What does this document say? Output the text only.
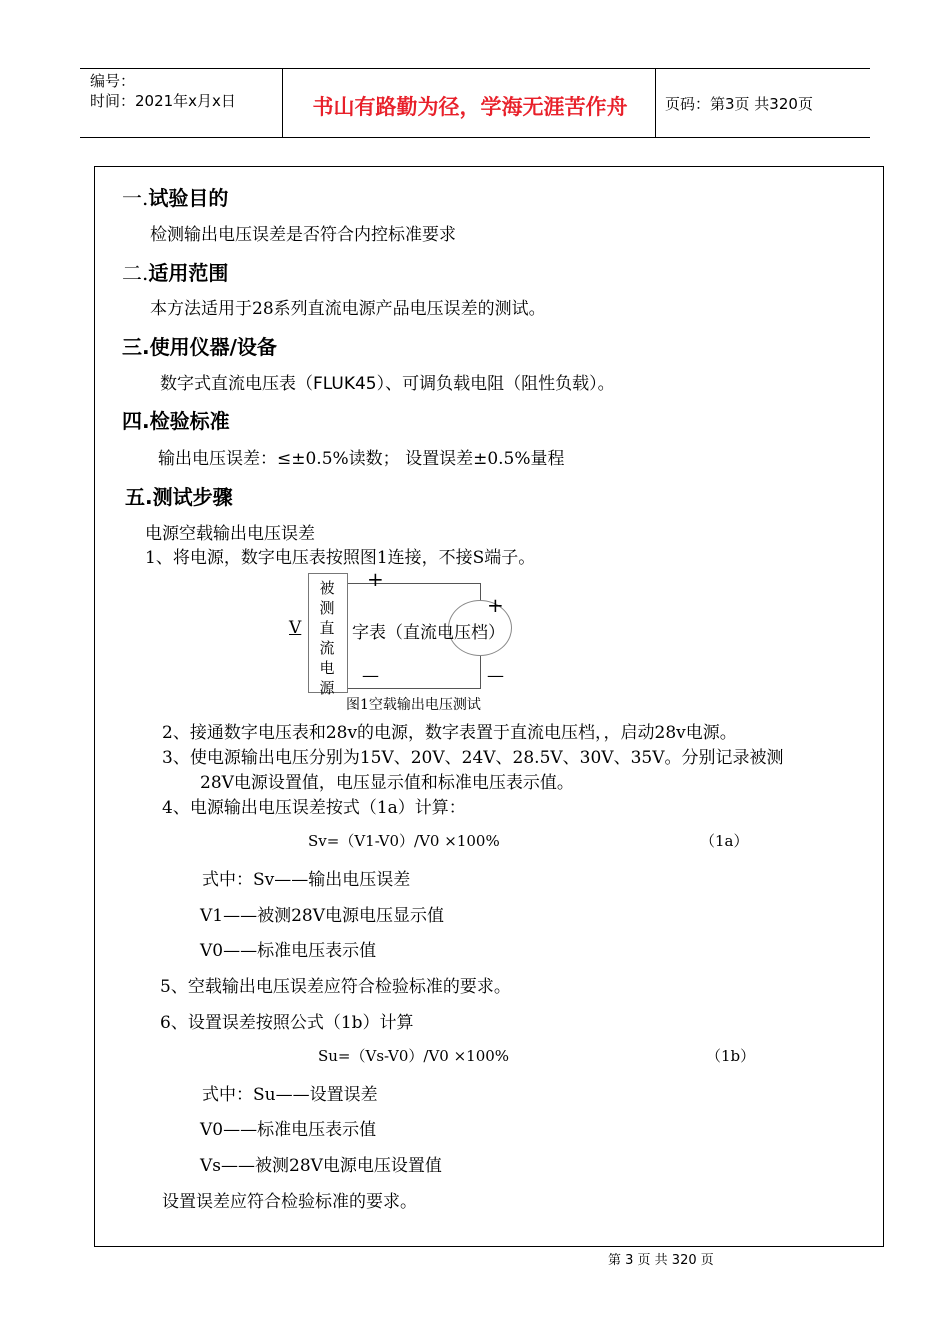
编号：
时间：2021年x月x日	书山有路勤为径，学海无涯苦作舟	页码：第3页 共320页
一.试验目的
检测输出电压误差是否符合内控标准要求
二.适用范围
本方法适用于28系列直流电源产品电压误差的测试。
三.使用仪器/设备
数字式直流电压表（FLUK45）、可调负载电阻（阻性负载）。
四.检验标准
输出电压误差：≤±0.5%读数； 设置误差±0.5%量程
五.测试步骤
电源空载输出电压误差
1、将电源，数字电压表按照图1连接，不接S端子。
被测直流电源
V	字表（直流电压档）
+
+
—	—
图1空载输出电压测试
2、接通数字电压表和28v的电源，数字表置于直流电压档，，启动28v电源。
3、使电源输出电压分别为15V、20V、24V、28.5V、30V、35V。分别记录被测
28V电源设置值，电压显示值和标准电压表示值。
4、电源输出电压误差按式（1a）计算：
Sv=（V1-V0）/V0 ×100%	（1a）
式中：Sv——输出电压误差
V1——被测28V电源电压显示值
V0——标准电压表示值
5、空载输出电压误差应符合检验标准的要求。
6、设置误差按照公式（1b）计算
Su=（Vs-V0）/V0 ×100%	（1b）
式中：Su——设置误差
V0——标准电压表示值
Vs——被测28V电源电压设置值
设置误差应符合检验标准的要求。
第 3 页 共 320 页
